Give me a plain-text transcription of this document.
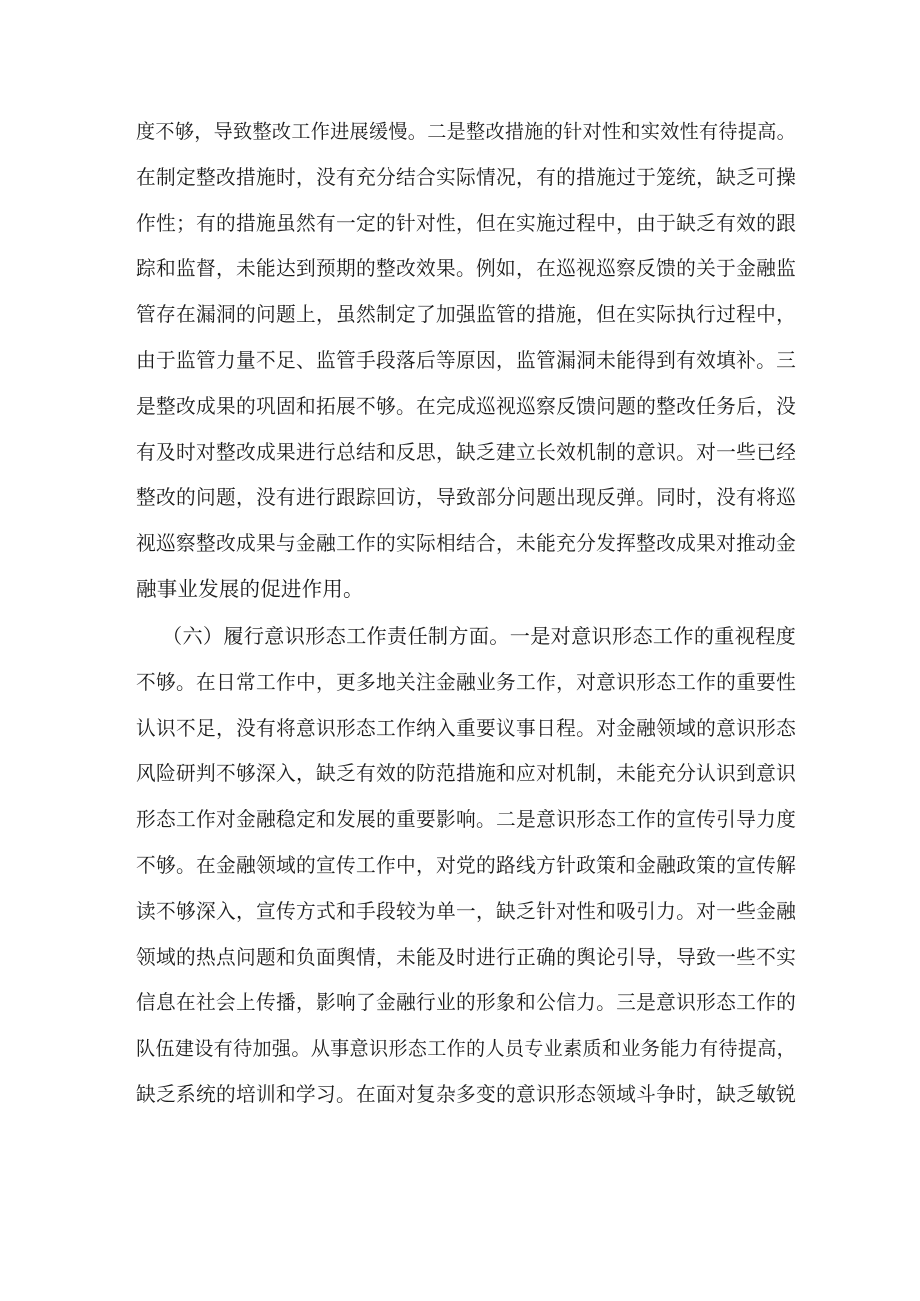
度不够，导致整改工作进展缓慢。二是整改措施的针对性和实效性有待提高。
在制定整改措施时，没有充分结合实际情况，有的措施过于笼统，缺乏可操
作性；有的措施虽然有一定的针对性，但在实施过程中，由于缺乏有效的跟
踪和监督，未能达到预期的整改效果。例如，在巡视巡察反馈的关于金融监
管存在漏洞的问题上，虽然制定了加强监管的措施，但在实际执行过程中，
由于监管力量不足、监管手段落后等原因，监管漏洞未能得到有效填补。三
是整改成果的巩固和拓展不够。在完成巡视巡察反馈问题的整改任务后，没
有及时对整改成果进行总结和反思，缺乏建立长效机制的意识。对一些已经
整改的问题，没有进行跟踪回访，导致部分问题出现反弹。同时，没有将巡
视巡察整改成果与金融工作的实际相结合，未能充分发挥整改成果对推动金
融事业发展的促进作用。
（六）履行意识形态工作责任制方面。一是对意识形态工作的重视程度
不够。在日常工作中，更多地关注金融业务工作，对意识形态工作的重要性
认识不足，没有将意识形态工作纳入重要议事日程。对金融领域的意识形态
风险研判不够深入，缺乏有效的防范措施和应对机制，未能充分认识到意识
形态工作对金融稳定和发展的重要影响。二是意识形态工作的宣传引导力度
不够。在金融领域的宣传工作中，对党的路线方针政策和金融政策的宣传解
读不够深入，宣传方式和手段较为单一，缺乏针对性和吸引力。对一些金融
领域的热点问题和负面舆情，未能及时进行正确的舆论引导，导致一些不实
信息在社会上传播，影响了金融行业的形象和公信力。三是意识形态工作的
队伍建设有待加强。从事意识形态工作的人员专业素质和业务能力有待提高，
缺乏系统的培训和学习。在面对复杂多变的意识形态领域斗争时，缺乏敏锐
